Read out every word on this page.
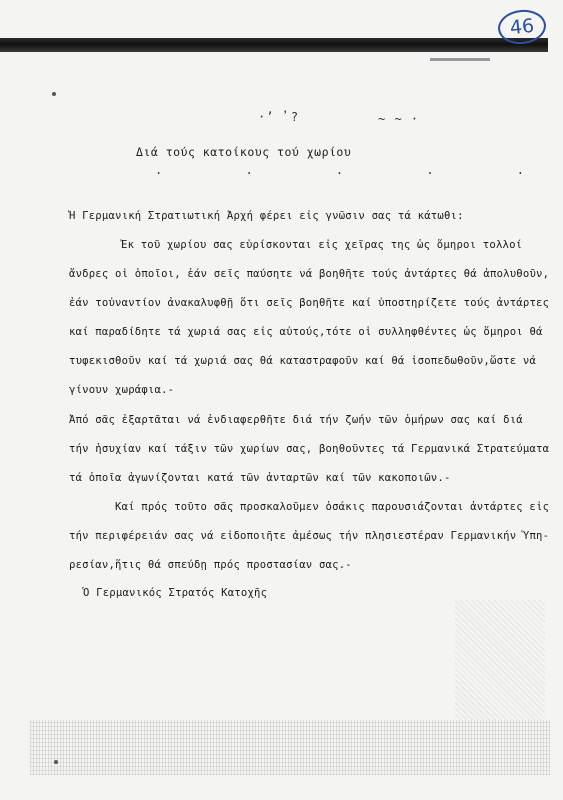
46
·ʼ ̓ ?	~ ~ ·
Διά τούς κατοίκους τού χωρίου
. . . . .
Ἡ Γερμανική Στρατιωτική Ἀρχή φέρει εἰς γνῶσιν σας τά κάτωθι:
Ἐκ τοῦ χωρίου σας εὑρίσκονται εἰς χεῖρας της ὡς ὅμηροι τολλοί
ἄνδρες οἱ ὁποῖοι, ἐάν σεῖς παύσητε νά βοηθῆτε τούς ἀντάρτες θά ἀπολυθοῦν,
ἐάν τοὐναντίον ἀνακαλυφθῇ ὅτι σεῖς βοηθῆτε καί ὑποστηρίζετε τούς ἀντάρτες
καί παραδίδητε τά χωριά σας εἰς αὐτούς,τότε οἱ συλληφθέντες ὡς ὅμηροι θά
τυφεκισθοῦν καί τά χωριά σας θά καταστραφοῦν καί θά ἰσοπεδωθοῦν,ὥστε νά
γίνουν χωράφια.-
Ἀπό σᾶς ἐξαρτᾶται νά ἐνδιαφερθῆτε διά τήν ζωήν τῶν ὁμήρων σας καί διά
τήν ἡσυχίαν καί τάξιν τῶν χωρίων σας, βοηθοῦντες τά Γερμανικά Στρατεύματα
τά ὁποῖα ἀγωνίζονται κατά τῶν ἀνταρτῶν καί τῶν κακοποιῶν.-
Καί πρός τοῦτο σᾶς προσκαλοῦμεν ὁσάκις παρουσιάζονται ἀντάρτες εἰς
τήν περιφέρειάν σας νά εἰδοποιῆτε ἀμέσως τήν πλησιεστέραν Γερμανικήν Ὑπη-
ρεσίαν,ἥτις θά σπεύδῃ πρός προστασίαν σας.-
Ὁ Γερμανικός Στρατός Κατοχῆς
